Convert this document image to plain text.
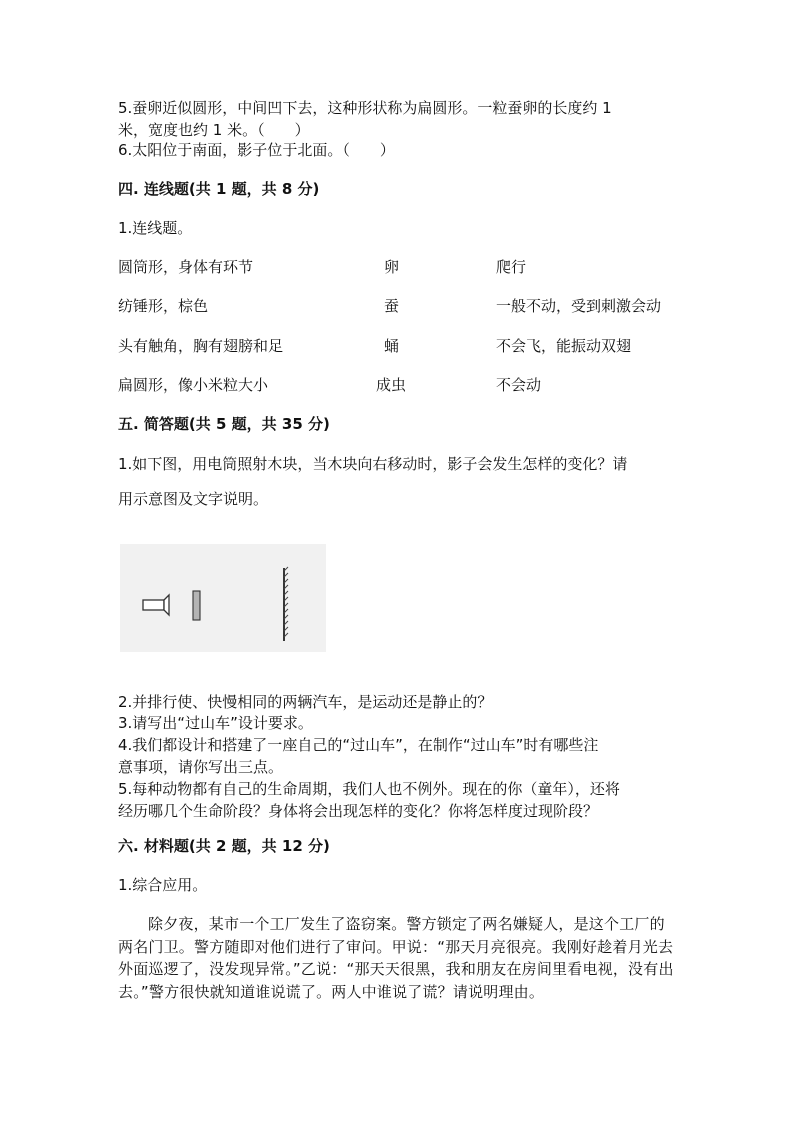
5.蚕卵近似圆形，中间凹下去，这种形状称为扁圆形。一粒蚕卵的长度约 1
米，宽度也约 1 米。（　　）
6.太阳位于南面，影子位于北面。（　　）
四. 连线题(共 1 题，共 8 分)
1.连线题。
圆筒形，身体有环节	卵	爬行
纺锤形，棕色	蚕	一般不动，受到刺激会动
头有触角，胸有翅膀和足	蛹	不会飞，能振动双翅
扁圆形，像小米粒大小	成虫	不会动
五. 简答题(共 5 题，共 35 分)
1.如下图，用电筒照射木块，当木块向右移动时，影子会发生怎样的变化？请
用示意图及文字说明。
2.并排行使、快慢相同的两辆汽车，是运动还是静止的？
3.请写出“过山车”设计要求。
4.我们都设计和搭建了一座自己的“过山车”，在制作“过山车”时有哪些注
意事项，请你写出三点。
5.每种动物都有自己的生命周期，我们人也不例外。现在的你（童年），还将
经历哪几个生命阶段？身体将会出现怎样的变化？你将怎样度过现阶段？
六. 材料题(共 2 题，共 12 分)
1.综合应用。
除夕夜，某市一个工厂发生了盗窃案。警方锁定了两名嫌疑人，是这个工厂的两名门卫。警方随即对他们进行了审问。甲说：“那天月亮很亮。我刚好趁着月光去外面巡逻了，没发现异常。”乙说：“那天天很黑，我和朋友在房间里看电视，没有出去。”警方很快就知道谁说谎了。两人中谁说了谎？请说明理由。
